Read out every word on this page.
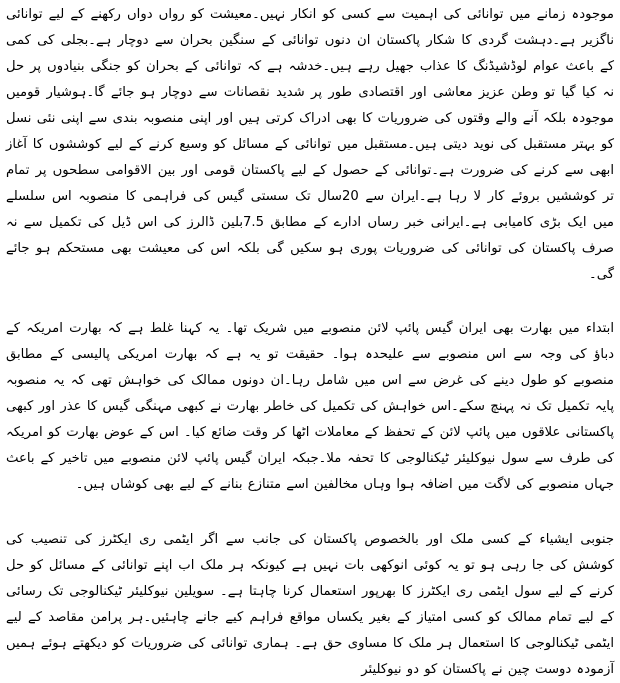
موجودہ زمانے میں توانائی کی اہمیت سے کسی کو انکار نہیں۔معیشت کو رواں دواں رکھنے کے لیے توانائی ناگزیر ہے۔دہشت گردی کا شکار پاکستان ان دنوں توانائی کے سنگین بحران سے دوچار ہے۔بجلی کی کمی کے باعث عوام لوڈشیڈنگ کا عذاب جھیل رہے ہیں۔خدشہ ہے کہ توانائی کے بحران کو جنگی بنیادوں پر حل نہ کیا گیا تو وطن عزیز معاشی اور اقتصادی طور پر شدید نقصانات سے دوچار ہو جائے گا۔ہوشیار قومیں موجودہ بلکہ آنے والے وقتوں کی ضروریات کا بھی ادراک کرتی ہیں اور اپنی منصوبہ بندی سے اپنی نئی نسل کو بہتر مستقبل کی نوید دیتی ہیں۔مستقبل میں توانائی کے مسائل کو وسیع کرنے کے لیے کوششوں کا آغاز ابھی سے کرنے کی ضرورت ہے۔توانائی کے حصول کے لیے پاکستان قومی اور بین الاقوامی سطحوں پر تمام تر کوششیں بروئے کار لا رہا ہے۔ایران سے 20سال تک سستی گیس کی فراہمی کا منصوبہ اس سلسلے میں ایک بڑی کامیابی ہے۔ایرانی خبر رساں ادارے کے مطابق 7.5بلین ڈالرز کی اس ڈیل کی تکمیل سے نہ صرف پاکستان کی توانائی کی ضروریات پوری ہو سکیں گی بلکہ اس کی معیشت بھی مستحکم ہو جائے گی۔

ابتداء میں بھارت بھی ایران گیس پائپ لائن منصوبے میں شریک تھا۔ یہ کہنا غلط ہے کہ بھارت امریکہ کے دباؤ کی وجہ سے اس منصوبے سے علیحدہ ہوا۔ حقیقت تو یہ ہے کہ بھارت امریکی پالیسی کے مطابق منصوبے کو طول دینے کی غرض سے اس میں شامل رہا۔ان دونوں ممالک کی خواہش تھی کہ یہ منصوبہ پایہ تکمیل تک نہ پہنچ سکے۔اس خواہش کی تکمیل کی خاطر بھارت نے کبھی مہنگی گیس کا عذر اور کبھی پاکستانی علاقوں میں پائپ لائن کے تحفظ کے معاملات اٹھا کر وقت ضائع کیا۔ اس کے عوض بھارت کو امریکہ کی طرف سے سول نیوکلیئر ٹیکنالوجی کا تحفہ ملا۔جبکہ ایران گیس پائپ لائن منصوبے میں تاخیر کے باعث جہاں منصوبے کی لاگت میں اضافہ ہوا وہاں مخالفین اسے متنازع بنانے کے لیے بھی کوشاں ہیں۔

جنوبی ایشیاء کے کسی ملک اور بالخصوص پاکستان کی جانب سے اگر ایٹمی ری ایکٹرز کی تنصیب کی کوشش کی جا رہی ہو تو یہ کوئی انوکھی بات نہیں ہے کیونکہ ہر ملک اب اپنے توانائی کے مسائل کو حل کرنے کے لیے سول ایٹمی ری ایکٹرز کا بھرپور استعمال کرنا چاہتا ہے۔ سویلین نیوکلیئر ٹیکنالوجی تک رسائی کے لیے تمام ممالک کو کسی امتیاز کے بغیر یکساں مواقع فراہم کیے جانے چاہئیں۔ہر پرامن مقاصد کے لیے ایٹمی ٹیکنالوجی کا استعمال ہر ملک کا مساوی حق ہے۔ ہماری توانائی کی ضروریات کو دیکھتے ہوئے ہمیں آزمودہ دوست چین نے پاکستان کو دو نیوکلیئر
